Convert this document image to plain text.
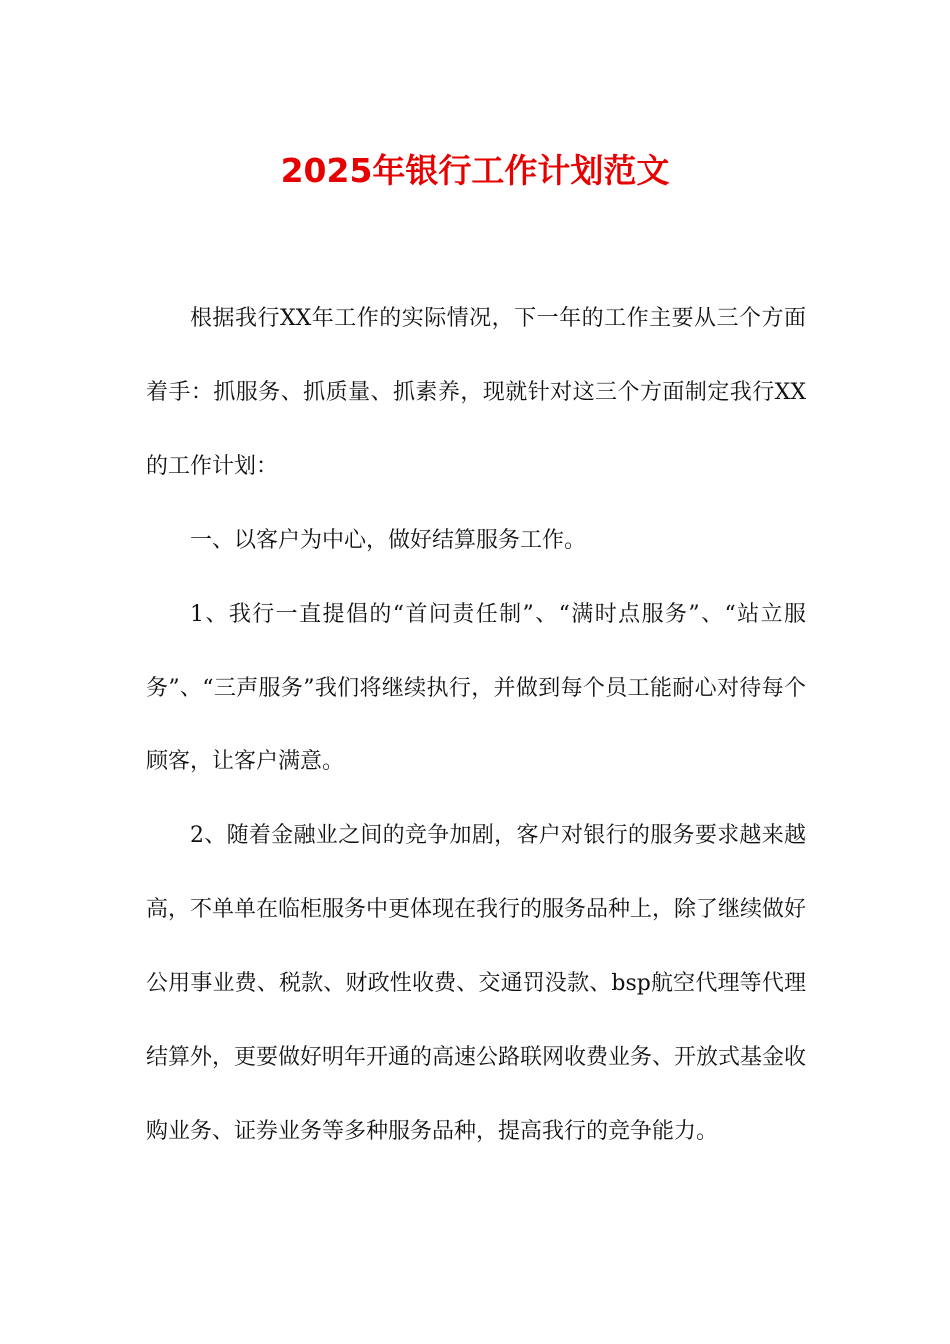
2025年银行工作计划范文

根据我行XX年工作的实际情况，下一年的工作主要从三个方面着手：抓服务、抓质量、抓素养，现就针对这三个方面制定我行XX的工作计划：

一、以客户为中心，做好结算服务工作。

1、我行一直提倡的“首问责任制”、“满时点服务”、“站立服务”、“三声服务”我们将继续执行，并做到每个员工能耐心对待每个顾客，让客户满意。

2、随着金融业之间的竞争加剧，客户对银行的服务要求越来越高，不单单在临柜服务中更体现在我行的服务品种上，除了继续做好公用事业费、税款、财政性收费、交通罚没款、bsp航空代理等代理结算外，更要做好明年开通的高速公路联网收费业务、开放式基金收购业务、证券业务等多种服务品种，提高我行的竞争能力。
